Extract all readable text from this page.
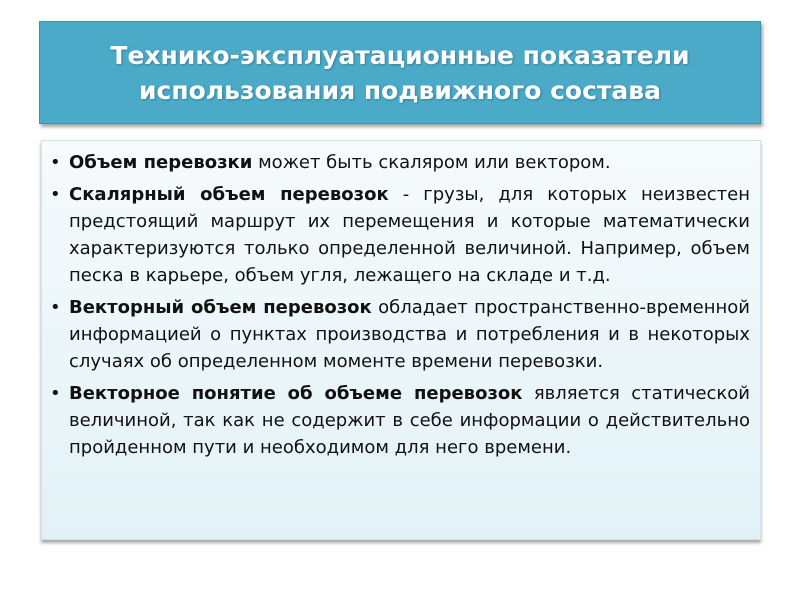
Технико-эксплуатационные показатели
использования подвижного состава
• Объем перевозки может быть скаляром или вектором.
• Скалярный объем перевозок - грузы, для которых неизвестен предстоящий маршрут их перемещения и которые математически характеризуются только определенной величиной. Например, объем песка в карьере, объем угля, лежащего на складе и т.д.
• Векторный объем перевозок обладает пространственно-временной информацией о пунктах производства и потребления и в некоторых случаях об определенном моменте времени перевозки.
• Векторное понятие об объеме перевозок является статической величиной, так как не содержит в себе информации о действительно пройденном пути и необходимом для него времени.
